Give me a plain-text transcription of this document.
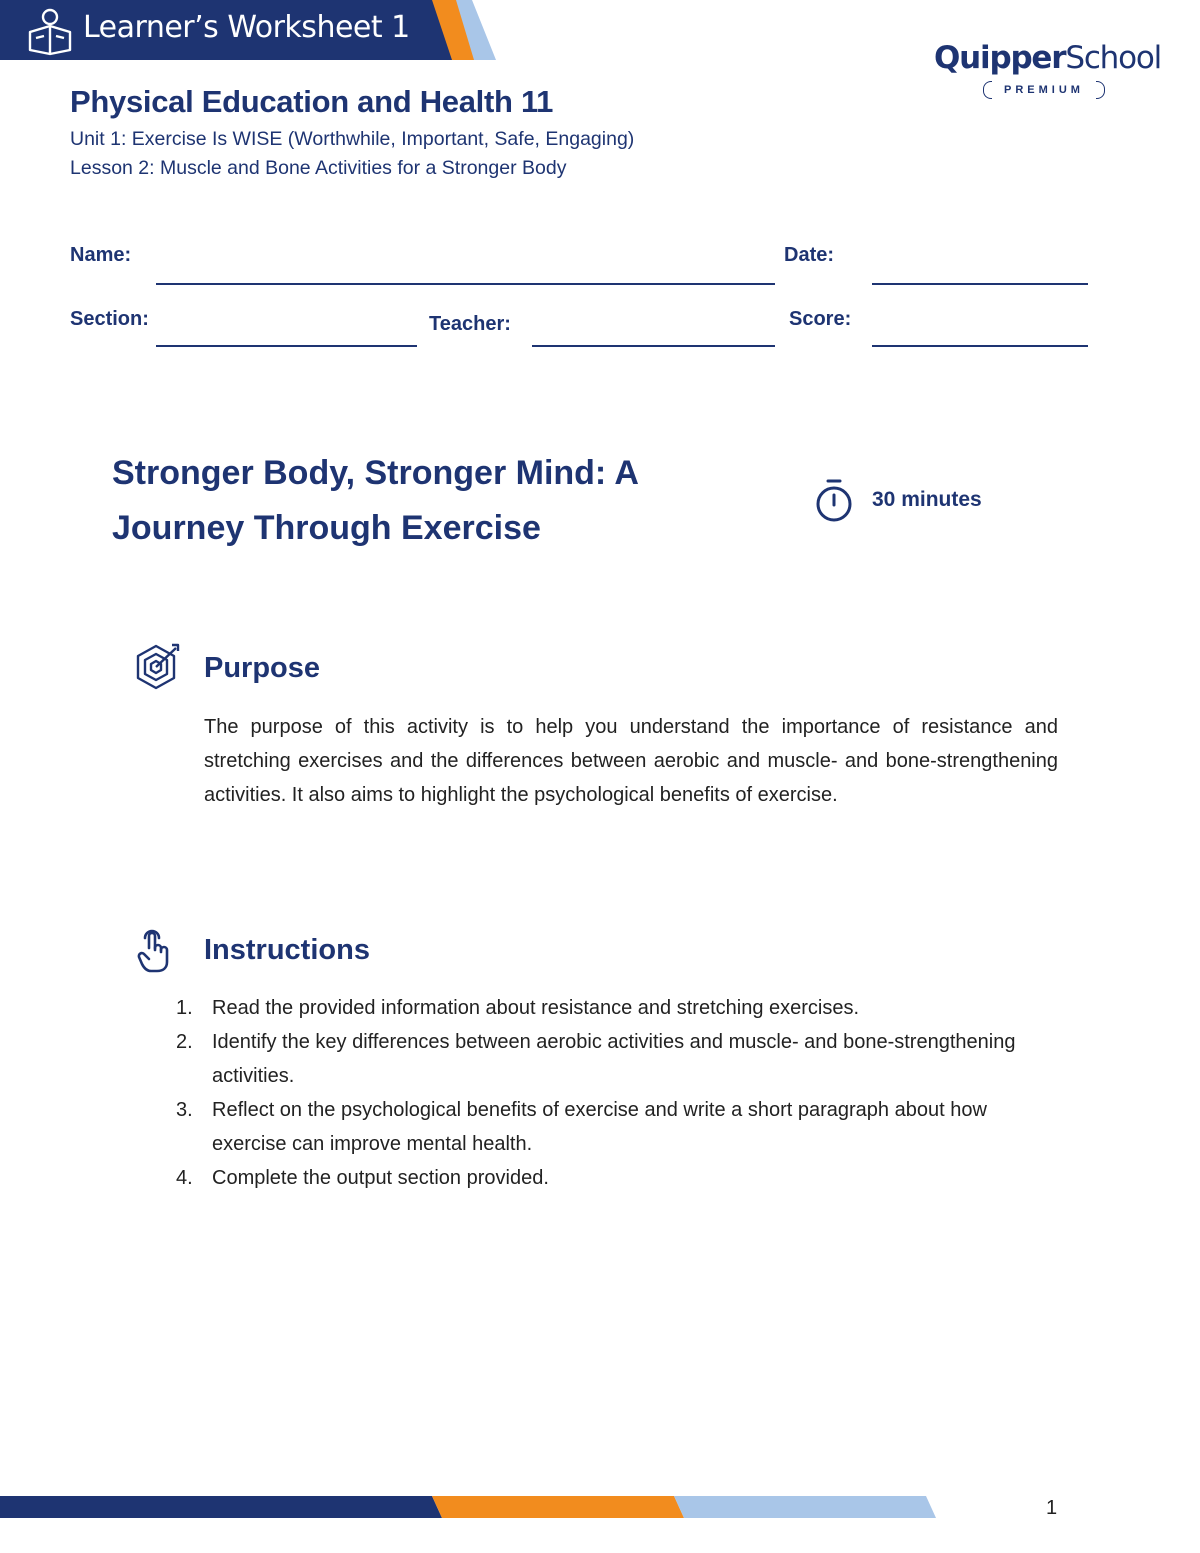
Learner’s Worksheet 1
QuipperSchool
PREMIUM
Physical Education and Health 11
Unit 1: Exercise Is WISE (Worthwhile, Important, Safe, Engaging)
Lesson 2: Muscle and Bone Activities for a Stronger Body
Name:	Date:
Section:	Teacher:	Score:
Stronger Body, Stronger Mind: A Journey Through Exercise
30 minutes
Purpose
The purpose of this activity is to help you understand the importance of resistance and stretching exercises and the differences between aerobic and muscle- and bone-strengthening activities. It also aims to highlight the psychological benefits of exercise.
Instructions
1. Read the provided information about resistance and stretching exercises.
2. Identify the key differences between aerobic activities and muscle- and bone-strengthening activities.
3. Reflect on the psychological benefits of exercise and write a short paragraph about how exercise can improve mental health.
4. Complete the output section provided.
1
